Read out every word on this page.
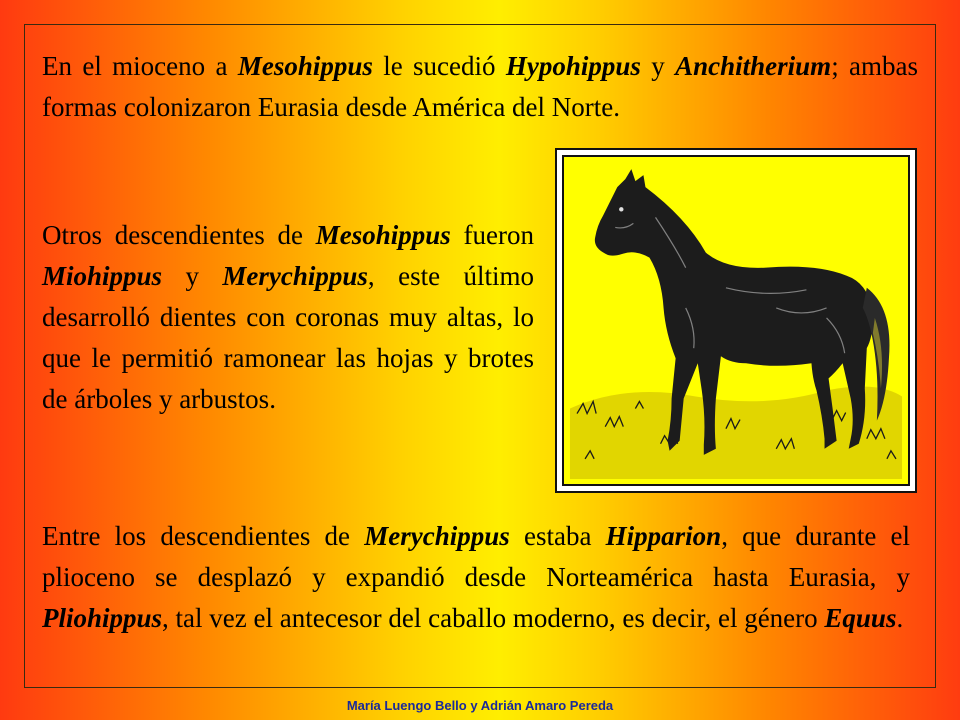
En el mioceno a Mesohippus le sucedió Hypohippus y Anchitherium; ambas formas colonizaron Eurasia desde América del Norte.

Otros descendientes de Mesohippus fueron Miohippus y Merychippus, este último desarrolló dientes con coronas muy altas, lo que le permitió ramonear las hojas y brotes de árboles y arbustos.

Entre los descendientes de Merychippus estaba Hipparion, que durante el plioceno se desplazó y expandió desde Norteamérica hasta Eurasia, y Pliohippus, tal vez el antecesor del caballo moderno, es decir, el género Equus.

María Luengo Bello y Adrián Amaro Pereda
